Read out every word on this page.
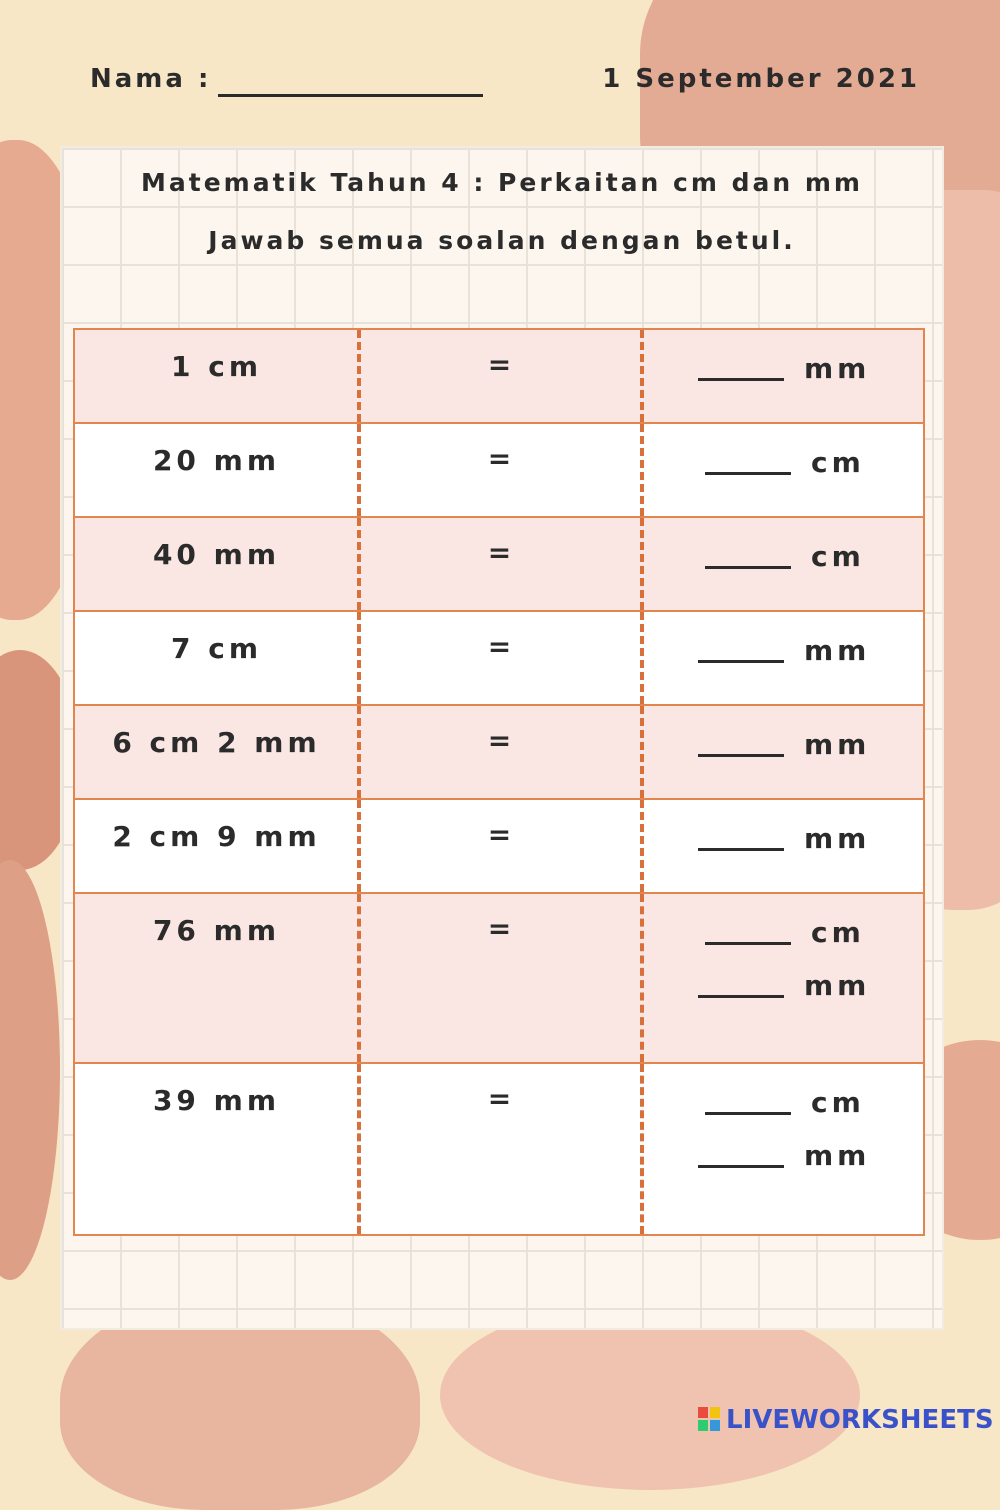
Nama :	1 September 2021
Matematik Tahun 4 : Perkaitan cm dan mm
Jawab semua soalan dengan betul.
1 cm	=	mm
20 mm	=	cm
40 mm	=	cm
7 cm	=	mm
6 cm 2 mm	=	mm
2 cm 9 mm	=	mm
76 mm	=	cm
mm
39 mm	=	cm
mm
LIVEWORKSHEETS
